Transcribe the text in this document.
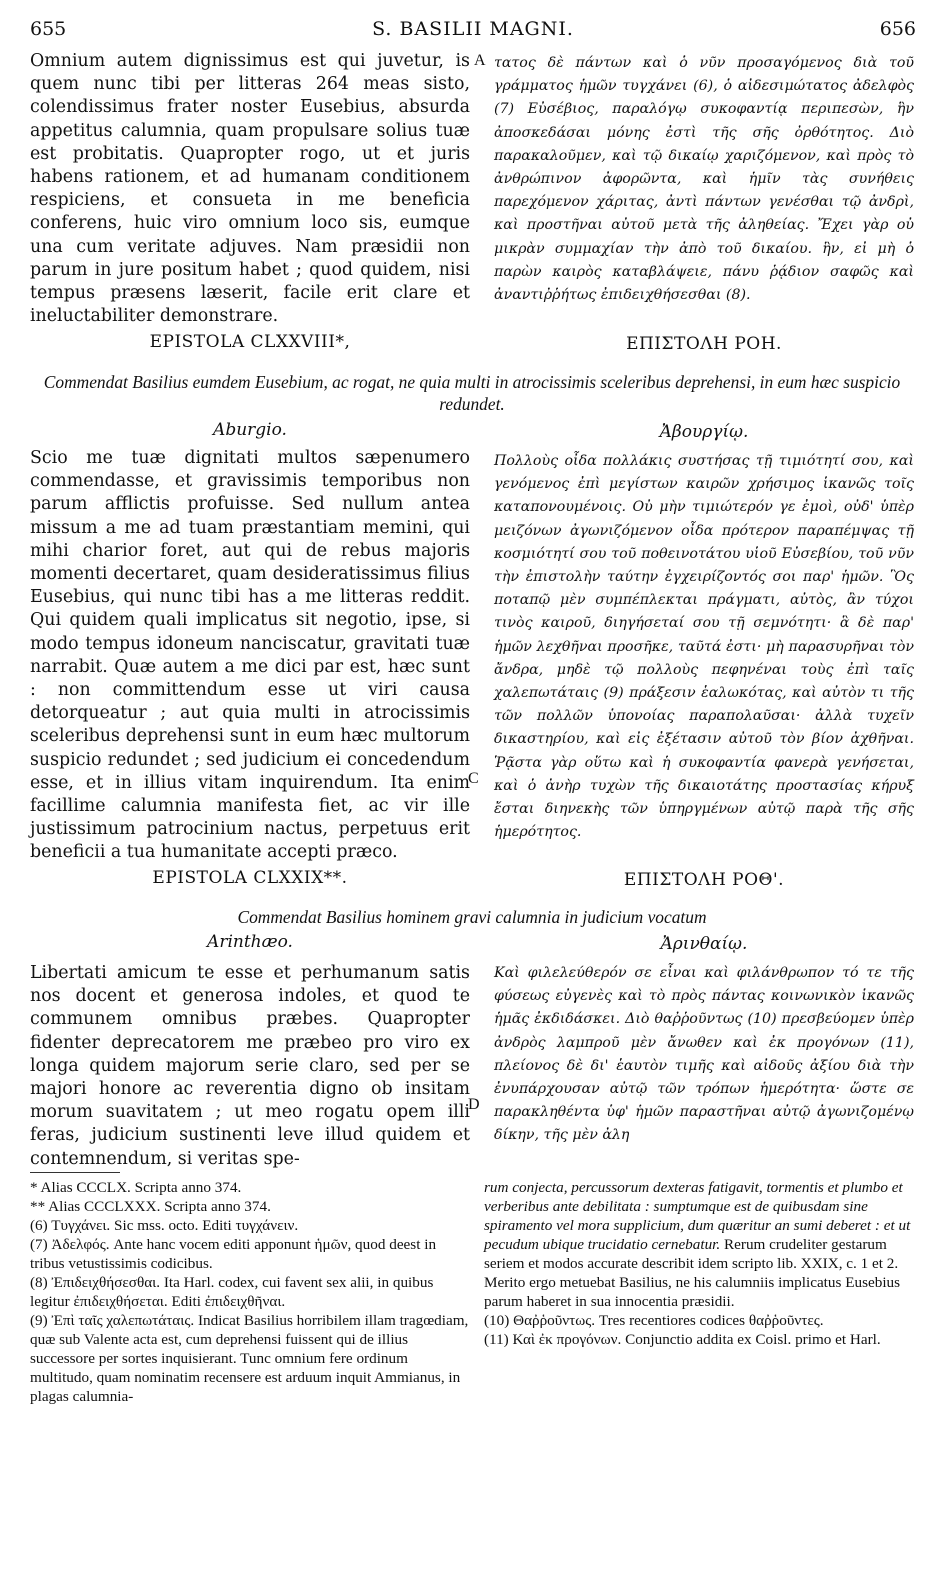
655	S. BASILII MAGNI.	656

Omnium autem dignissimus est qui juvetur, is quem nunc tibi per litteras 264 meas sisto, colendissimus frater noster Eusebius, absurda appetitus calumnia, quam propulsare solius tuæ est probitatis. Quapropter rogo, ut et juris habens rationem, et ad humanam conditionem respiciens, et consueta in me beneficia conferens, huic viro omnium loco sis, eumque una cum veritate adjuves. Nam præsidii non parum in jure positum habet ; quod quidem, nisi tempus præsens læserit, facile erit clare et ineluctabiliter demonstrare.

A τατος δὲ πάντων καὶ ὁ νῦν προσαγόμενος διὰ τοῦ γράμματος ἡμῶν τυγχάνει (6), ὁ αἰδεσιμώτατος ἀδελφὸς (7) Εὐσέβιος, παραλόγῳ συκοφαντίᾳ περιπεσὼν, ἣν ἀποσκεδάσαι μόνης ἐστὶ τῆς σῆς ὀρθότητος. Διὸ παρακαλοῦμεν, καὶ τῷ δικαίῳ χαριζόμενον, καὶ πρὸς τὸ ἀνθρώπινον ἀφορῶντα, καὶ ἡμῖν τὰς συνήθεις παρεχόμενον χάριτας, ἀντὶ πάντων γενέσθαι τῷ ἀνδρὶ, καὶ προστῆναι αὐτοῦ μετὰ τῆς ἀληθείας. Ἔχει γὰρ οὐ μικρὰν συμμαχίαν τὴν ἀπὸ τοῦ δικαίου. ἣν, εἰ μὴ ὁ παρὼν καιρὸς καταβλάψειε, πάνυ ῥᾴδιον σαφῶς καὶ ἀναντιῤῥήτως ἐπιδειχθήσεσθαι (8).

EPISTOLA CLXXVIII*,	ΕΠΙΣΤΟΛΗ ΡΟΗ.
Commendat Basilius eumdem Eusebium, ac rogat, ne quia multi in atrocissimis sceleribus deprehensi, in eum hæc suspicio redundet.
Aburgio.	Ἀβουργίῳ.

Scio me tuæ dignitati multos sæpenumero commendasse, et gravissimis temporibus non parum afflictis profuisse. Sed nullum antea missum a me ad tuam præstantiam memini, qui mihi charior foret, aut qui de rebus majoris momenti decertaret, quam desideratissimus filius Eusebius, qui nunc tibi has a me litteras reddit. Qui quidem quali implicatus sit negotio, ipse, si modo tempus idoneum nanciscatur, gravitati tuæ narrabit. Quæ autem a me dici par est, hæc sunt : non committendum esse ut viri causa detorqueatur ; aut quia multi in atrocissimis sceleribus deprehensi sunt in eum hæc multorum suspicio redundet ; sed judicium ei concedendum esse, et in illius vitam inquirendum. Ita enim facillime calumnia manifesta fiet, ac vir ille justissimum patrocinium nactus, perpetuus erit beneficii a tua humanitate accepti præco.

C

Πολλοὺς οἶδα πολλάκις συστήσας τῇ τιμιότητί σου, καὶ γενόμενος ἐπὶ μεγίστων καιρῶν χρήσιμος ἱκανῶς τοῖς καταπονουμένοις. Οὐ μὴν τιμιώτερόν γε ἐμοὶ, οὐδ' ὑπὲρ μειζόνων ἀγωνιζόμενον οἶδα πρότερον παραπέμψας τῇ κοσμιότητί σου τοῦ ποθεινοτάτου υἱοῦ Εὐσεβίου, τοῦ νῦν τὴν ἐπιστολὴν ταύτην ἐγχειρίζοντός σοι παρ' ἡμῶν. Ὃς ποταπῷ μὲν συμπέπλεκται πράγματι, αὐτὸς, ἂν τύχοι τινὸς καιροῦ, διηγήσεταί σου τῇ σεμνότητι· ἃ δὲ παρ' ἡμῶν λεχθῆναι προσῆκε, ταῦτά ἐστι· μὴ παρασυρῆναι τὸν ἄνδρα, μηδὲ τῷ πολλοὺς πεφηνέναι τοὺς ἐπὶ ταῖς χαλεπωτάταις (9) πράξεσιν ἑαλωκότας, καὶ αὐτὸν τι τῆς τῶν πολλῶν ὑπονοίας παραπολαῦσαι· ἀλλὰ τυχεῖν δικαστηρίου, καὶ εἰς ἐξέτασιν αὐτοῦ τὸν βίον ἀχθῆναι. Ῥᾷστα γὰρ οὕτω καὶ ἡ συκοφαντία φανερὰ γενήσεται, καὶ ὁ ἀνὴρ τυχὼν τῆς δικαιοτάτης προστασίας κήρυξ ἔσται διηνεκὴς τῶν ὑπηργμένων αὐτῷ παρὰ τῆς σῆς ἡμερότητος.

EPISTOLA CLXXIX**.	ΕΠΙΣΤΟΛΗ ΡΟΘ'.
Commendat Basilius hominem gravi calumnia in judicium vocatum
Arinthæo.	Ἀρινθαίῳ.

Libertati amicum te esse et perhumanum satis nos docent et generosa indoles, et quod te communem omnibus præbes. Quapropter fidenter deprecatorem me præbeo pro viro ex longa quidem majorum serie claro, sed per se majori honore ac reverentia digno ob insitam morum suavitatem ; ut meo rogatu opem illi feras, judicium sustinenti leve illud quidem et contemnendum, si veritas spe-

D

Καὶ φιλελεύθερόν σε εἶναι καὶ φιλάνθρωπον τό τε τῆς φύσεως εὐγενὲς καὶ τὸ πρὸς πάντας κοινωνικὸν ἱκανῶς ἡμᾶς ἐκδιδάσκει. Διὸ θαῤῥοῦντως (10) πρεσβεύομεν ὑπὲρ ἀνδρὸς λαμπροῦ μὲν ἄνωθεν καὶ ἐκ προγόνων (11), πλείονος δὲ δι' ἑαυτὸν τιμῆς καὶ αἰδοῦς ἀξίου διὰ τὴν ἐνυπάρχουσαν αὐτῷ τῶν τρόπων ἡμερότητα· ὥστε σε παρακληθέντα ὑφ' ἡμῶν παραστῆναι αὐτῷ ἀγωνιζομένῳ δίκην, τῆς μὲν ἀλη

* Alias CCCLX. Scripta anno 374.

** Alias CCCLXXX. Scripta anno 374.

(6) Τυγχάνει. Sic mss. octo. Editi τυγχάνειν.

(7) Ἀδελφός. Ante hanc vocem editi apponunt ἡμῶν, quod deest in tribus vetustissimis codicibus.

(8) Ἐπιδειχθήσεσθαι. Ita Harl. codex, cui favent sex alii, in quibus legitur ἐπιδειχθήσεται. Editi ἐπιδειχθῆναι.

(9) Ἐπὶ ταῖς χαλεπωτάταις. Indicat Basilius horribilem illam tragœdiam, quæ sub Valente acta est, cum deprehensi fuissent qui de illius successore per sortes inquisierant. Tunc omnium fere ordinum multitudo, quam nominatim recensere est arduum inquit Ammianus, in plagas calumnia-

rum conjecta, percussorum dexteras fatigavit, tormentis et plumbo et verberibus ante debilitata : sumptumque est de quibusdam sine spiramento vel mora supplicium, dum quæritur an sumi deberet : et ut pecudum ubique trucidatio cernebatur. Rerum crudeliter gestarum seriem et modos accurate describit idem scripto lib. XXIX, c. 1 et 2. Merito ergo metuebat Basilius, ne his calumniis implicatus Eusebius parum haberet in sua innocentia præsidii.

(10) Θαῤῥοῦντως. Tres recentiores codices θαῤῥοῦντες.

(11) Καὶ ἐκ προγόνων. Conjunctio addita ex Coisl. primo et Harl.
